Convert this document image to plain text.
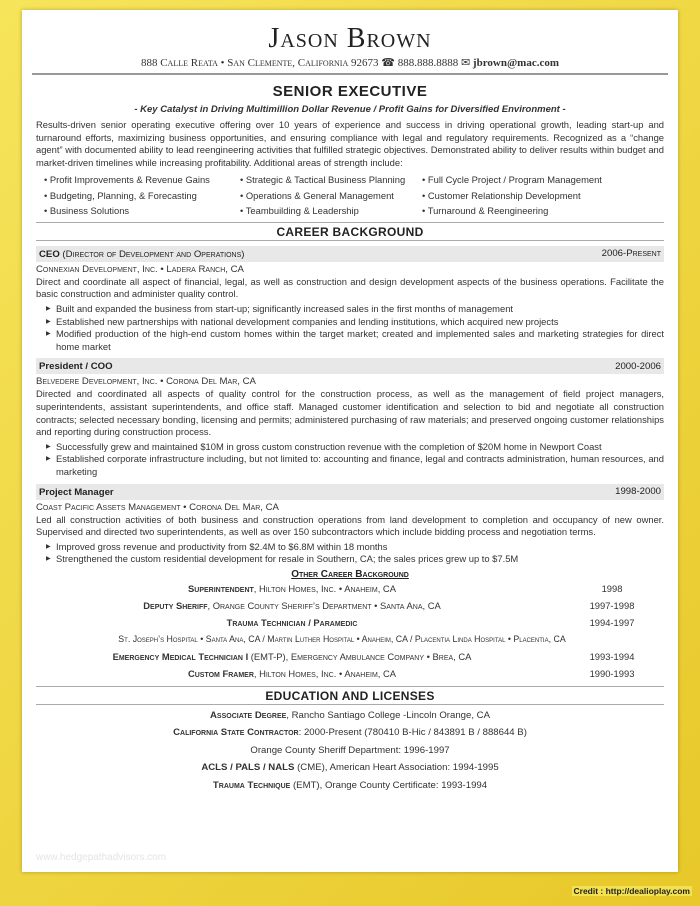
Jason Brown
888 Calle Reata • San Clemente, California 92673 ☎ 888.888.8888 ✉ jbrown@mac.com
SENIOR EXECUTIVE
- Key Catalyst in Driving Multimillion Dollar Revenue / Profit Gains for Diversified Environment -
Results-driven senior operating executive offering over 10 years of experience and success in driving operational growth, leading start-up and turnaround efforts, maximizing business opportunities, and ensuring compliance with legal and regulatory requirements. Recognized as a “change agent” with documented ability to lead reengineering activities that fulfilled strategic objectives. Demonstrated ability to deliver results within budget and market-driven timelines while increasing profitability. Additional areas of strength include:
• Profit Improvements & Revenue Gains	• Strategic & Tactical Business Planning	• Full Cycle Project / Program Management
• Budgeting, Planning, & Forecasting	• Operations & General Management	• Customer Relationship Development
• Business Solutions	• Teambuilding & Leadership	• Turnaround & Reengineering
CAREER BACKGROUND
CEO (Director of Development and Operations)	2006-Present
Connexian Development, Inc. • Ladera Ranch, CA
Direct and coordinate all aspect of financial, legal, as well as construction and design development aspects of the business operations. Facilitate the basic construction and administer quality control.
▶ Built and expanded the business from start-up; significantly increased sales in the first months of management
▶ Established new partnerships with national development companies and lending institutions, which acquired new projects
▶ Modified production of the high-end custom homes within the target market; created and implemented sales and marketing strategies for direct home market
President / COO	2000-2006
Belvedere Development, Inc. • Corona Del Mar, CA
Directed and coordinated all aspects of quality control for the construction process, as well as the management of field project managers, superintendents, assistant superintendents, and office staff. Managed customer identification and selection to bid and negotiate all construction contracts; selected necessary bonding, licensing and permits; administered purchasing of raw materials; and preserved ongoing customer relationships and reporting during construction process.
▶ Successfully grew and maintained $10M in gross custom construction revenue with the completion of $20M home in Newport Coast
▶ Established corporate infrastructure including, but not limited to: accounting and finance, legal and contracts administration, human resources, and marketing
Project Manager	1998-2000
Coast Pacific Assets Management • Corona Del Mar, CA
Led all construction activities of both business and construction operations from land development to completion and occupancy of new owner. Supervised and directed two superintendents, as well as over 150 subcontractors which include bidding process and negotiation terms.
▶ Improved gross revenue and productivity from $2.4M to $6.8M within 18 months
▶ Strengthened the custom residential development for resale in Southern, CA; the sales prices grew up to $7.5M
Other Career Background
Superintendent, Hilton Homes, Inc. • Anaheim, CA	1998
Deputy Sheriff, Orange County Sheriff’s Department • Santa Ana, CA	1997-1998
Trauma Technician / Paramedic	1994-1997
St. Joseph’s Hospital • Santa Ana, CA / Martin Luther Hospital • Anaheim, CA / Placentia Linda Hospital • Placentia, CA
Emergency Medical Technician I (EMT-P), Emergency Ambulance Company • Brea, CA	1993-1994
Custom Framer, Hilton Homes, Inc. • Anaheim, CA	1990-1993
EDUCATION AND LICENSES
Associate Degree, Rancho Santiago College -Lincoln Orange, CA
California State Contractor: 2000-Present (780410 B-Hic / 843891 B / 888644 B)
Orange County Sheriff Department: 1996-1997
ACLS / PALS / NALS (CME), American Heart Association: 1994-1995
Trauma Technique (EMT), Orange County Certificate: 1993-1994
www.hedgepathadvisors.com
Credit : http://dealioplay.com
